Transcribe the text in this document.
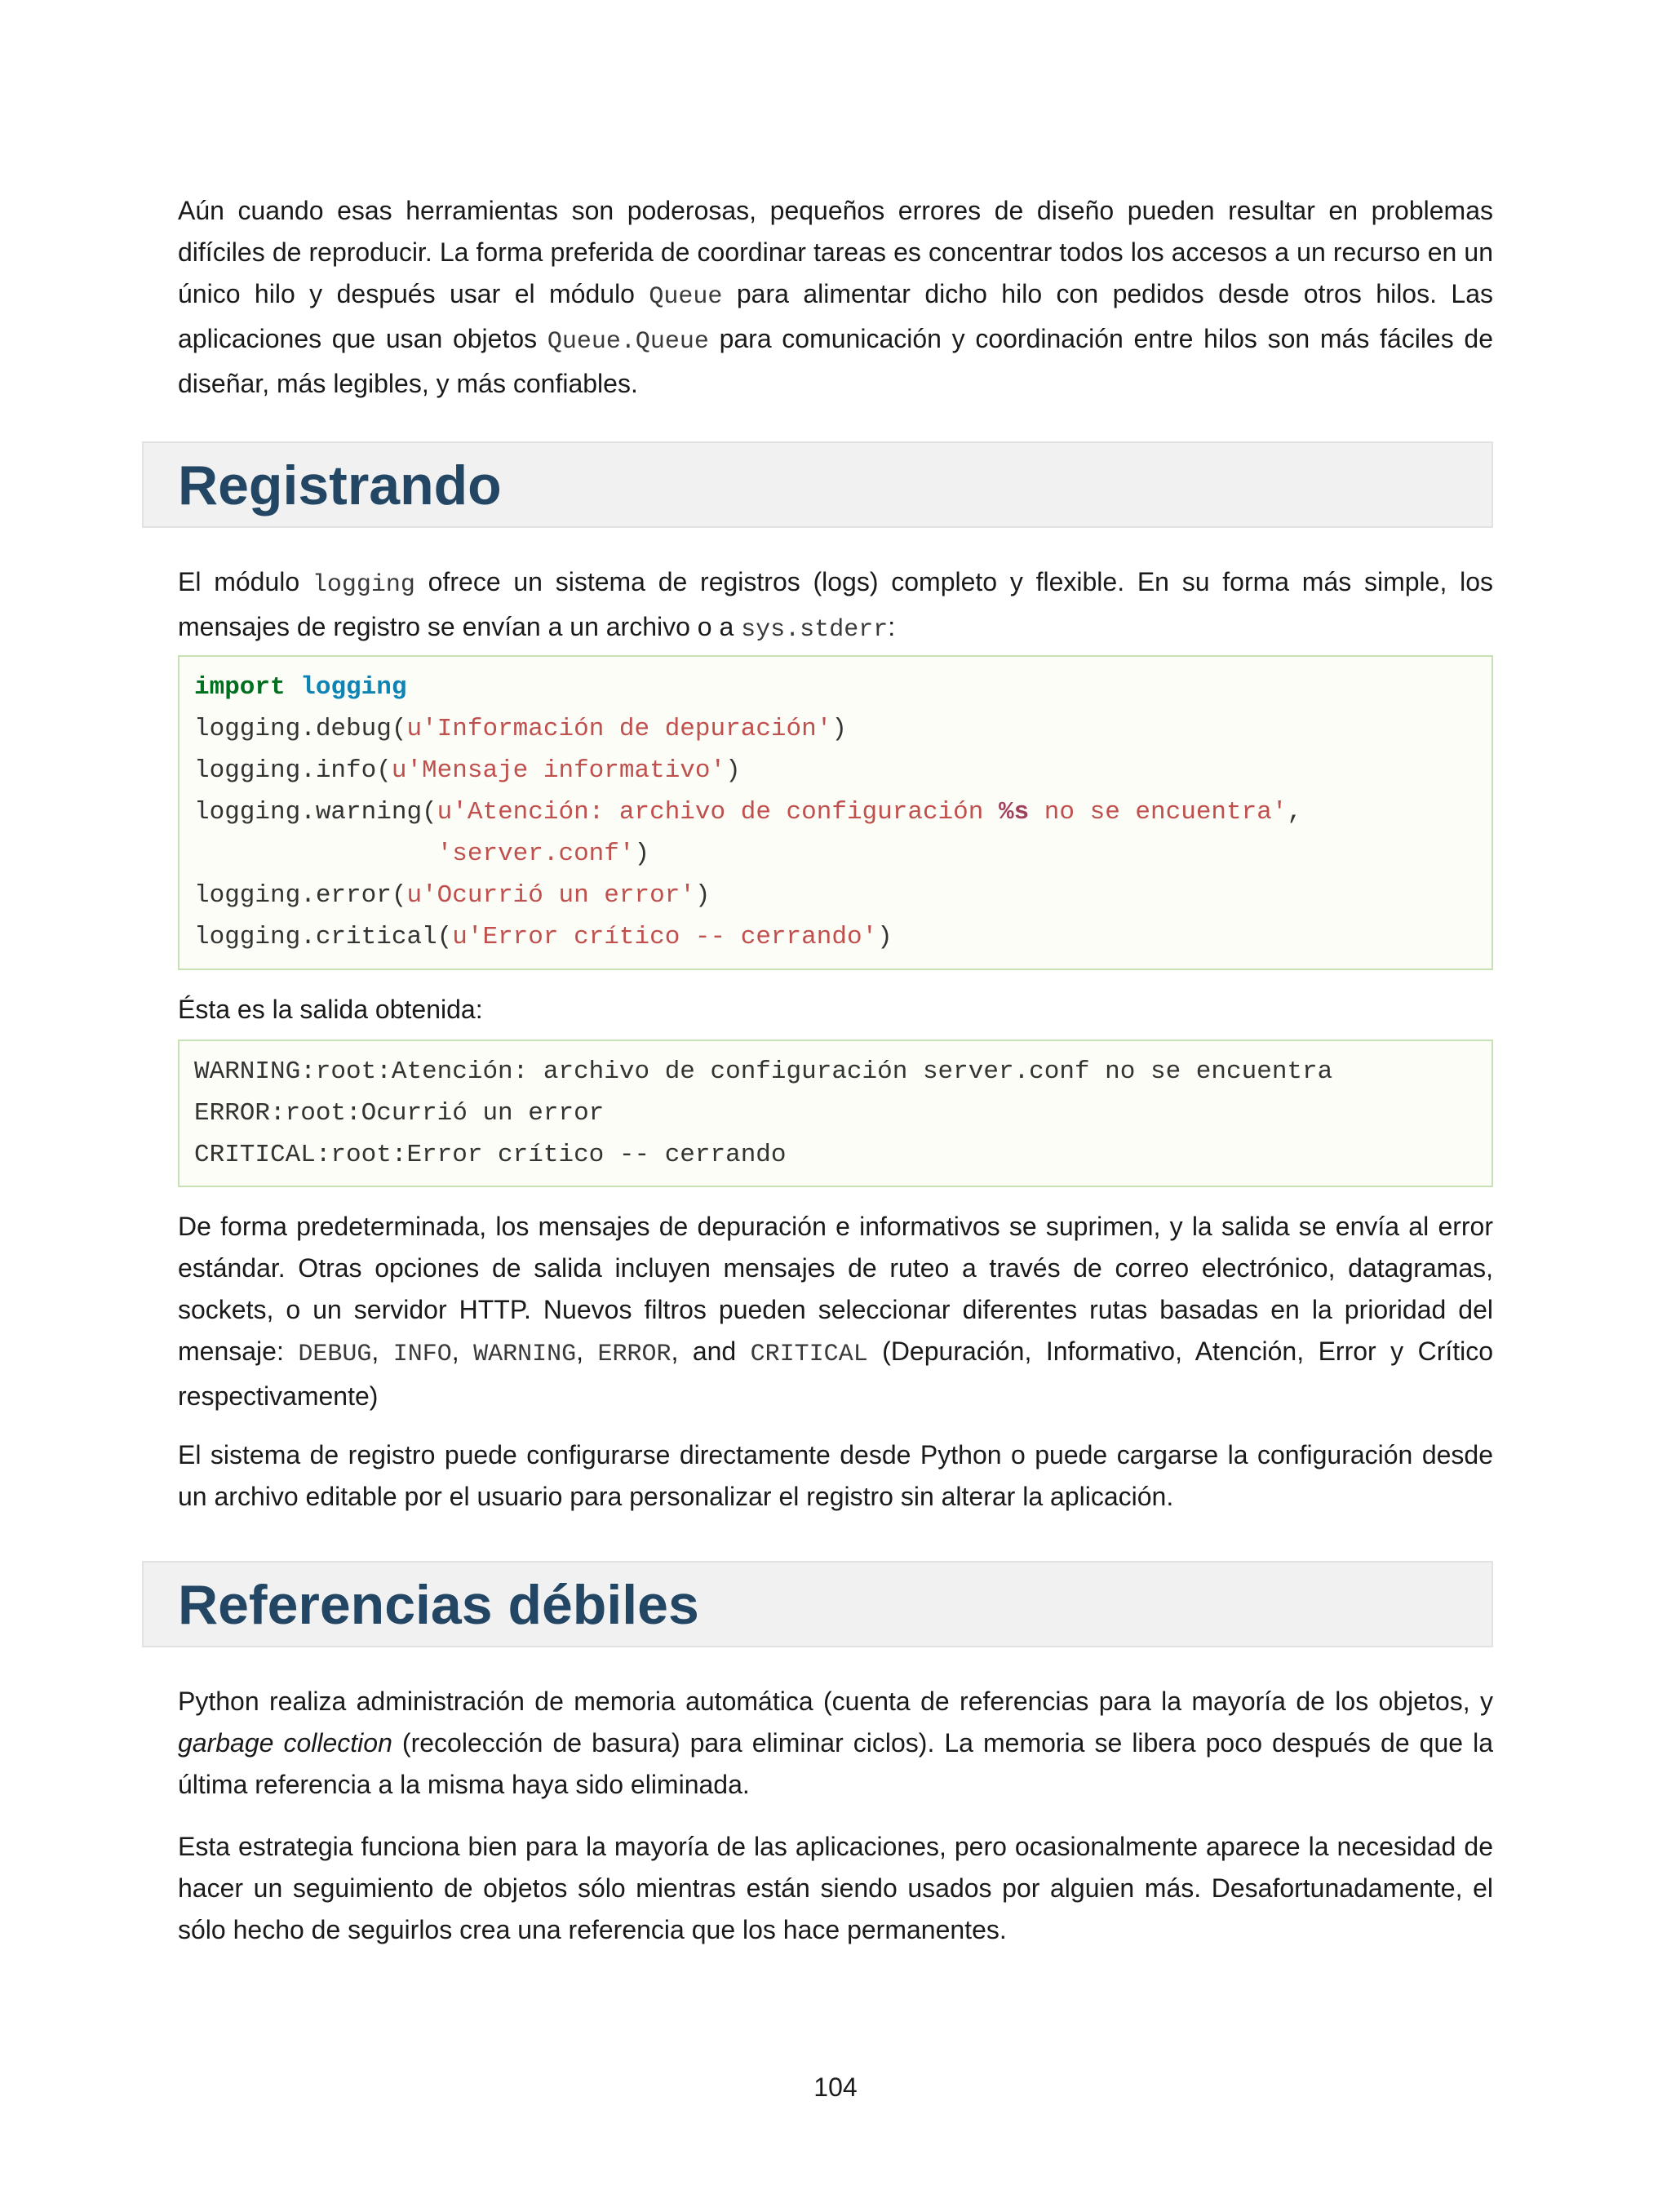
Aún cuando esas herramientas son poderosas, pequeños errores de diseño pueden resultar en problemas difíciles de reproducir. La forma preferida de coordinar tareas es concentrar todos los accesos a un recurso en un único hilo y después usar el módulo Queue para alimentar dicho hilo con pedidos desde otros hilos. Las aplicaciones que usan objetos Queue.Queue para comunicación y coordinación entre hilos son más fáciles de diseñar, más legibles, y más confiables.

Registrando

El módulo logging ofrece un sistema de registros (logs) completo y flexible. En su forma más simple, los mensajes de registro se envían a un archivo o a sys.stderr:

import logging
logging.debug(u'Información de depuración')
logging.info(u'Mensaje informativo')
logging.warning(u'Atención: archivo de configuración %s no se encuentra',
'server.conf')
logging.error(u'Ocurrió un error')
logging.critical(u'Error crítico -- cerrando')

Ésta es la salida obtenida:

WARNING:root:Atención: archivo de configuración server.conf no se encuentra
ERROR:root:Ocurrió un error
CRITICAL:root:Error crítico -- cerrando

De forma predeterminada, los mensajes de depuración e informativos se suprimen, y la salida se envía al error estándar. Otras opciones de salida incluyen mensajes de ruteo a través de correo electrónico, datagramas, sockets, o un servidor HTTP. Nuevos filtros pueden seleccionar diferentes rutas basadas en la prioridad del mensaje: DEBUG, INFO, WARNING, ERROR, and CRITICAL (Depuración, Informativo, Atención, Error y Crítico respectivamente)

El sistema de registro puede configurarse directamente desde Python o puede cargarse la configuración desde un archivo editable por el usuario para personalizar el registro sin alterar la aplicación.

Referencias débiles

Python realiza administración de memoria automática (cuenta de referencias para la mayoría de los objetos, y garbage collection (recolección de basura) para eliminar ciclos). La memoria se libera poco después de que la última referencia a la misma haya sido eliminada.

Esta estrategia funciona bien para la mayoría de las aplicaciones, pero ocasionalmente aparece la necesidad de hacer un seguimiento de objetos sólo mientras están siendo usados por alguien más. Desafortunadamente, el sólo hecho de seguirlos crea una referencia que los hace permanentes.

104
